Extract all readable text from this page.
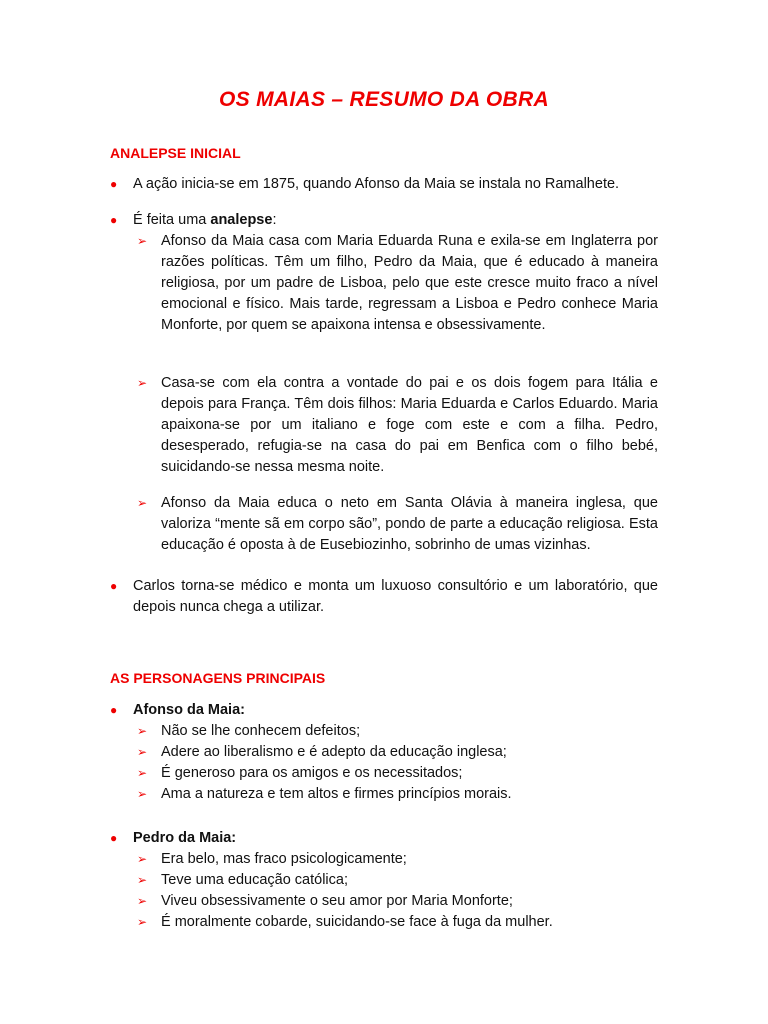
OS MAIAS – RESUMO DA OBRA
ANALEPSE INICIAL
●	A ação inicia-se em 1875, quando Afonso da Maia se instala no Ramalhete.
●	É feita uma analepse:
➢ Afonso da Maia casa com Maria Eduarda Runa e exila-se em Inglaterra por razões políticas. Têm um filho, Pedro da Maia, que é educado à maneira religiosa, por um padre de Lisboa, pelo que este cresce muito fraco a nível emocional e físico. Mais tarde, regressam a Lisboa e Pedro conhece Maria Monforte, por quem se apaixona intensa e obsessivamente.
➢ Casa-se com ela contra a vontade do pai e os dois fogem para Itália e depois para França. Têm dois filhos: Maria Eduarda e Carlos Eduardo. Maria apaixona-se por um italiano e foge com este e com a filha. Pedro, desesperado, refugia-se na casa do pai em Benfica com o filho bebé, suicidando-se nessa mesma noite.
➢ Afonso da Maia educa o neto em Santa Olávia à maneira inglesa, que valoriza “mente sã em corpo são”, pondo de parte a educação religiosa. Esta educação é oposta à de Eusebiozinho, sobrinho de umas vizinhas.
●	Carlos torna-se médico e monta um luxuoso consultório e um laboratório, que depois nunca chega a utilizar.
AS PERSONAGENS PRINCIPAIS
●	Afonso da Maia:
➢ Não se lhe conhecem defeitos;
➢ Adere ao liberalismo e é adepto da educação inglesa;
➢ É generoso para os amigos e os necessitados;
➢ Ama a natureza e tem altos e firmes princípios morais.
●	Pedro da Maia:
➢ Era belo, mas fraco psicologicamente;
➢ Teve uma educação católica;
➢ Viveu obsessivamente o seu amor por Maria Monforte;
➢ É moralmente cobarde, suicidando-se face à fuga da mulher.
